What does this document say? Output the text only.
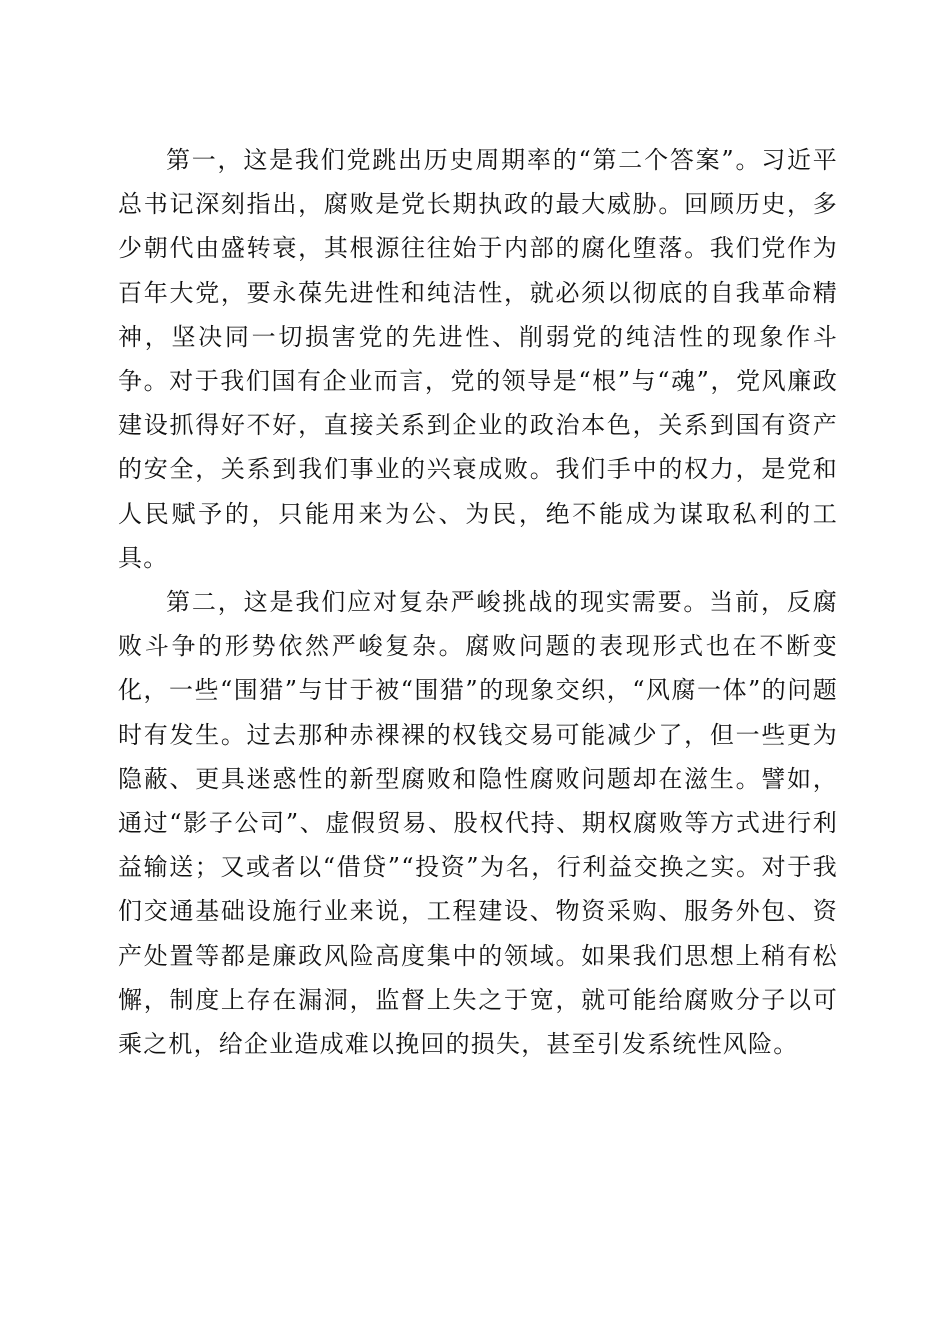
第一，这是我们党跳出历史周期率的“第二个答案”。习近平总书记深刻指出，腐败是党长期执政的最大威胁。回顾历史，多少朝代由盛转衰，其根源往往始于内部的腐化堕落。我们党作为百年大党，要永葆先进性和纯洁性，就必须以彻底的自我革命精神，坚决同一切损害党的先进性、削弱党的纯洁性的现象作斗争。对于我们国有企业而言，党的领导是“根”与“魂”，党风廉政建设抓得好不好，直接关系到企业的政治本色，关系到国有资产的安全，关系到我们事业的兴衰成败。我们手中的权力，是党和人民赋予的，只能用来为公、为民，绝不能成为谋取私利的工具。

第二，这是我们应对复杂严峻挑战的现实需要。当前，反腐败斗争的形势依然严峻复杂。腐败问题的表现形式也在不断变化，一些“围猎”与甘于被“围猎”的现象交织，“风腐一体”的问题时有发生。过去那种赤裸裸的权钱交易可能减少了，但一些更为隐蔽、更具迷惑性的新型腐败和隐性腐败问题却在滋生。譬如，通过“影子公司”、虚假贸易、股权代持、期权腐败等方式进行利益输送；又或者以“借贷”“投资”为名，行利益交换之实。对于我们交通基础设施行业来说，工程建设、物资采购、服务外包、资产处置等都是廉政风险高度集中的领域。如果我们思想上稍有松懈，制度上存在漏洞，监督上失之于宽，就可能给腐败分子以可乘之机，给企业造成难以挽回的损失，甚至引发系统性风险。
